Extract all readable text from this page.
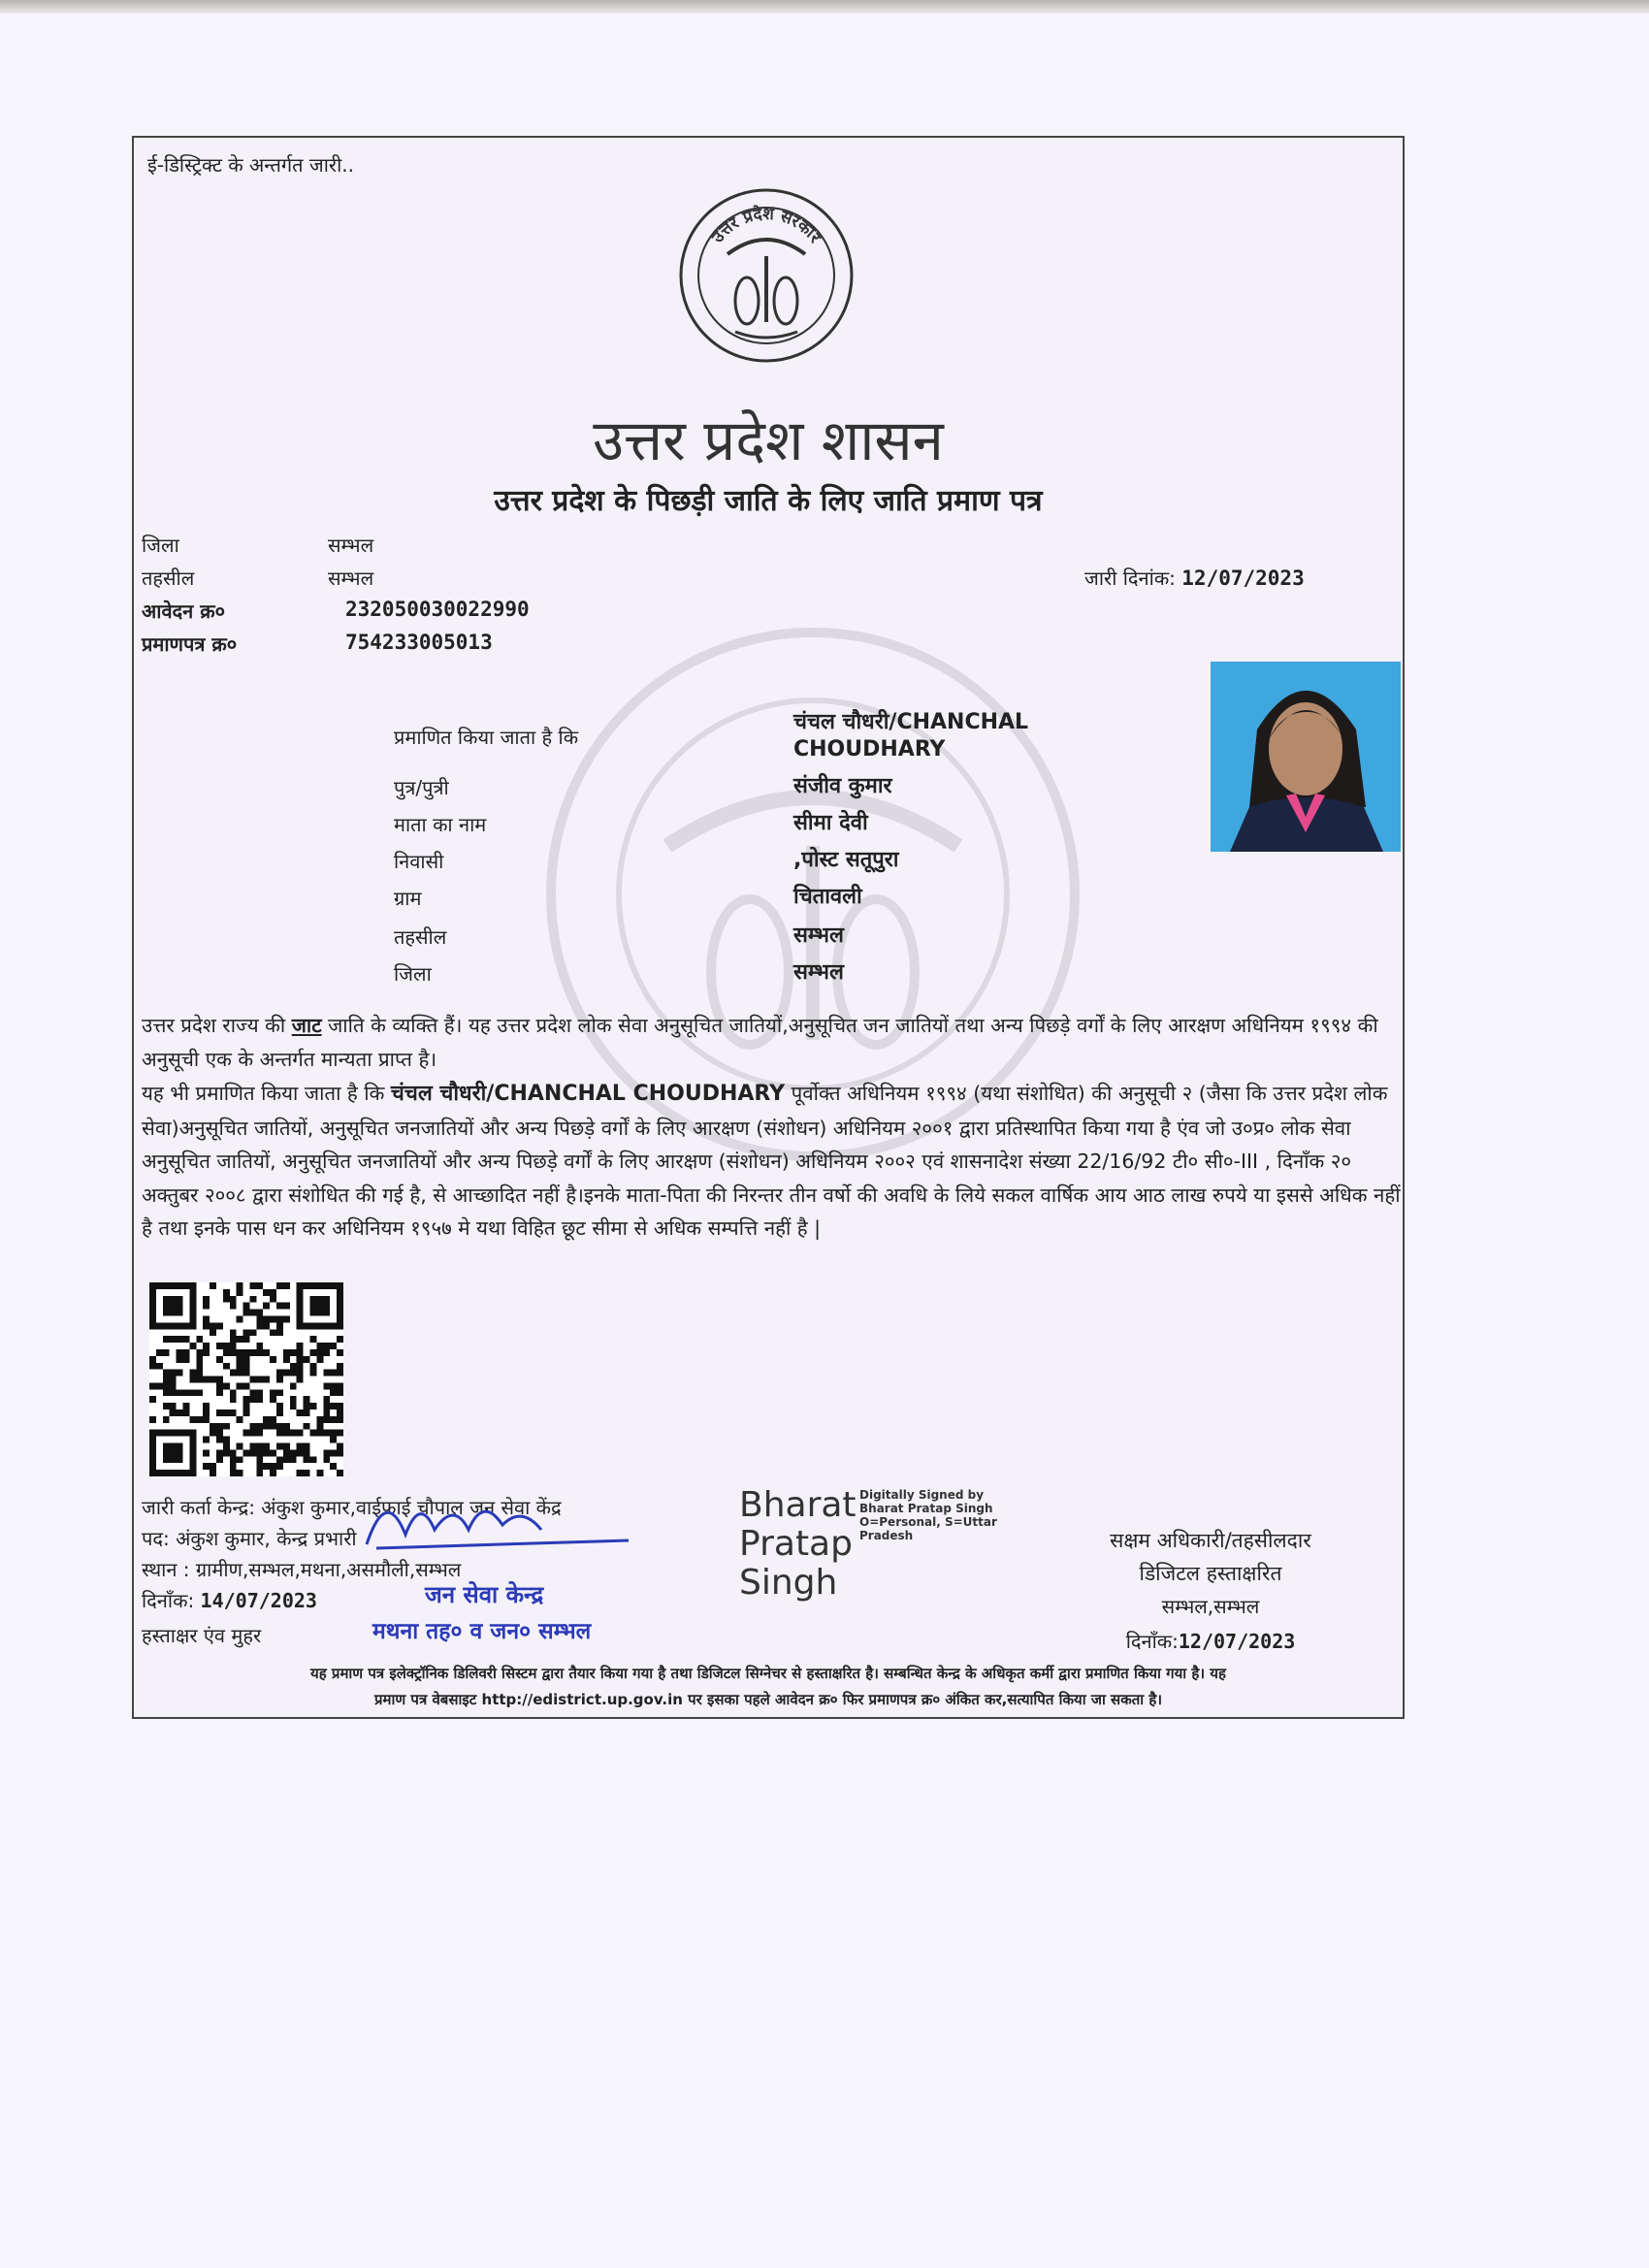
ई-डिस्ट्रिक्ट के अन्तर्गत जारी..
उत्तर प्रदेश सरकार
उत्तर प्रदेश शासन
उत्तर प्रदेश के पिछड़ी जाति के लिए जाति प्रमाण पत्र
जिला	सम्भल
तहसील	सम्भल
आवेदन क्र०	232050030022990
प्रमाणपत्र क्र०	754233005013
जारी दिनांक: 12/07/2023
प्रमाणित किया जाता है कि
चंचल चौधरी/CHANCHAL
CHOUDHARY
पुत्र/पुत्री	संजीव कुमार
माता का नाम	सीमा देवी
निवासी	,पोस्ट सतूपुरा
ग्राम	चितावली
तहसील	सम्भल
जिला	सम्भल
उत्तर प्रदेश राज्य की जाट जाति के व्यक्ति हैं। यह उत्तर प्रदेश लोक सेवा अनुसूचित जातियों,अनुसूचित जन जातियों तथा अन्य पिछड़े वर्गों के लिए आरक्षण अधिनियम १९९४ की अनुसूची एक के अन्तर्गत मान्यता प्राप्त है।
यह भी प्रमाणित किया जाता है कि चंचल चौधरी/CHANCHAL CHOUDHARY पूर्वोक्त अधिनियम १९९४ (यथा संशोधित) की अनुसूची २ (जैसा कि उत्तर प्रदेश लोक सेवा)अनुसूचित जातियों, अनुसूचित जनजातियों और अन्य पिछड़े वर्गों के लिए आरक्षण (संशोधन) अधिनियम २००१ द्वारा प्रतिस्थापित किया गया है एंव जो उ०प्र० लोक सेवा अनुसूचित जातियों, अनुसूचित जनजातियों और अन्य पिछड़े वर्गों के लिए आरक्षण (संशोधन) अधिनियम २००२ एवं शासनादेश संख्या 22/16/92 टी० सी०-III , दिनाँक २० अक्तुबर २००८ द्वारा संशोधित की गई है, से आच्छादित नहीं है।इनके माता-पिता की निरन्तर तीन वर्षो की अवधि के लिये सकल वार्षिक आय आठ लाख रुपये या इससे अधिक नहीं है तथा इनके पास धन कर अधिनियम १९५७ मे यथा विहित छूट सीमा से अधिक सम्पत्ति नहीं है |
जारी कर्ता केन्द्र: अंकुश कुमार,वाईफाई चौपाल जन सेवा केंद्र
पद: अंकुश कुमार, केन्द्र प्रभारी
स्थान : ग्रामीण,सम्भल,मथना,असमौली,सम्भल
दिनाँक: 14/07/2023
हस्ताक्षर एंव मुहर
जन सेवा केन्द्र
मथना तह० व जन० सम्भल
Bharat
Pratap
Singh
Digitally Signed by
Bharat Pratap Singh
O=Personal, S=Uttar
Pradesh	सक्षम अधिकारी/तहसीलदार
डिजिटल हस्ताक्षरित
सम्भल,सम्भल
दिनाँक:12/07/2023
यह प्रमाण पत्र इलेक्ट्रॉनिक डिलिवरी सिस्टम द्वारा तैयार किया गया है तथा डिजिटल सिग्नेचर से हस्ताक्षरित है। सम्बन्धित केन्द्र के अधिकृत कर्मी द्वारा प्रमाणित किया गया है। यह
प्रमाण पत्र वेबसाइट http://edistrict.up.gov.in पर इसका पहले आवेदन क्र० फिर प्रमाणपत्र क्र० अंकित कर,सत्यापित किया जा सकता है।
